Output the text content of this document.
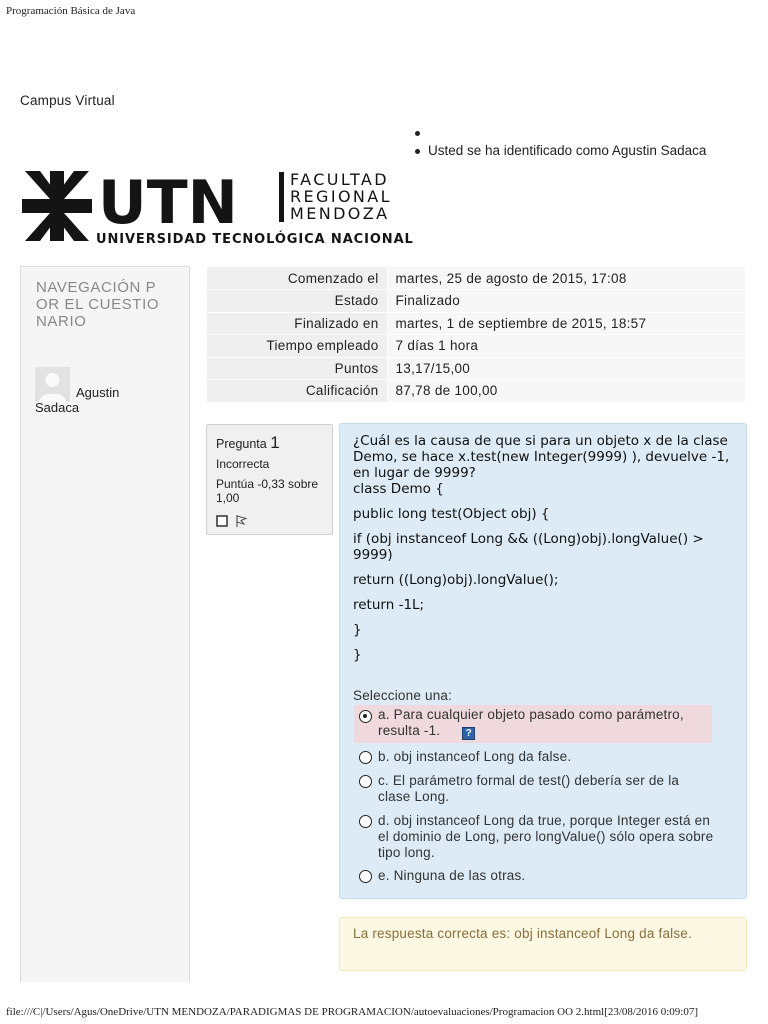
Programación Básica de Java
Campus Virtual
Usted se ha identificado como Agustin Sadaca
UTN	FACULTAD
REGIONAL
MENDOZA
UNIVERSIDAD TECNOLÓGICA NACIONAL
NAVEGACIÓN POR EL CUESTIONARIO
Agustin Sadaca
Comenzado el	martes, 25 de agosto de 2015, 17:08
Estado	Finalizado
Finalizado en	martes, 1 de septiembre de 2015, 18:57
Tiempo empleado	7 días 1 hora
Puntos	13,17/15,00
Calificación	87,78 de 100,00
Pregunta 1
Incorrecta
Puntúa -0,33 sobre 1,00

¿Cuál es la causa de que si para un objeto x de la clase Demo, se hace x.test(new Integer(9999) ), devuelve -1, en lugar de 9999?

class Demo {

public long test(Object obj) {

if (obj instanceof Long && ((Long)obj).longValue() > 9999)

return ((Long)obj).longValue();

return -1L;

}

}

Seleccione una:
a. Para cualquier objeto pasado como parámetro, resulta -1.	?
b. obj instanceof Long da false.
c. El parámetro formal de test() debería ser de la clase Long.
d. obj instanceof Long da true, porque Integer está en el dominio de Long, pero longValue() sólo opera sobre tipo long.
e. Ninguna de las otras.
La respuesta correcta es: obj instanceof Long da false.
file:///C|/Users/Agus/OneDrive/UTN MENDOZA/PARADIGMAS DE PROGRAMACION/autoevaluaciones/Programacion OO 2.html[23/08/2016 0:09:07]
